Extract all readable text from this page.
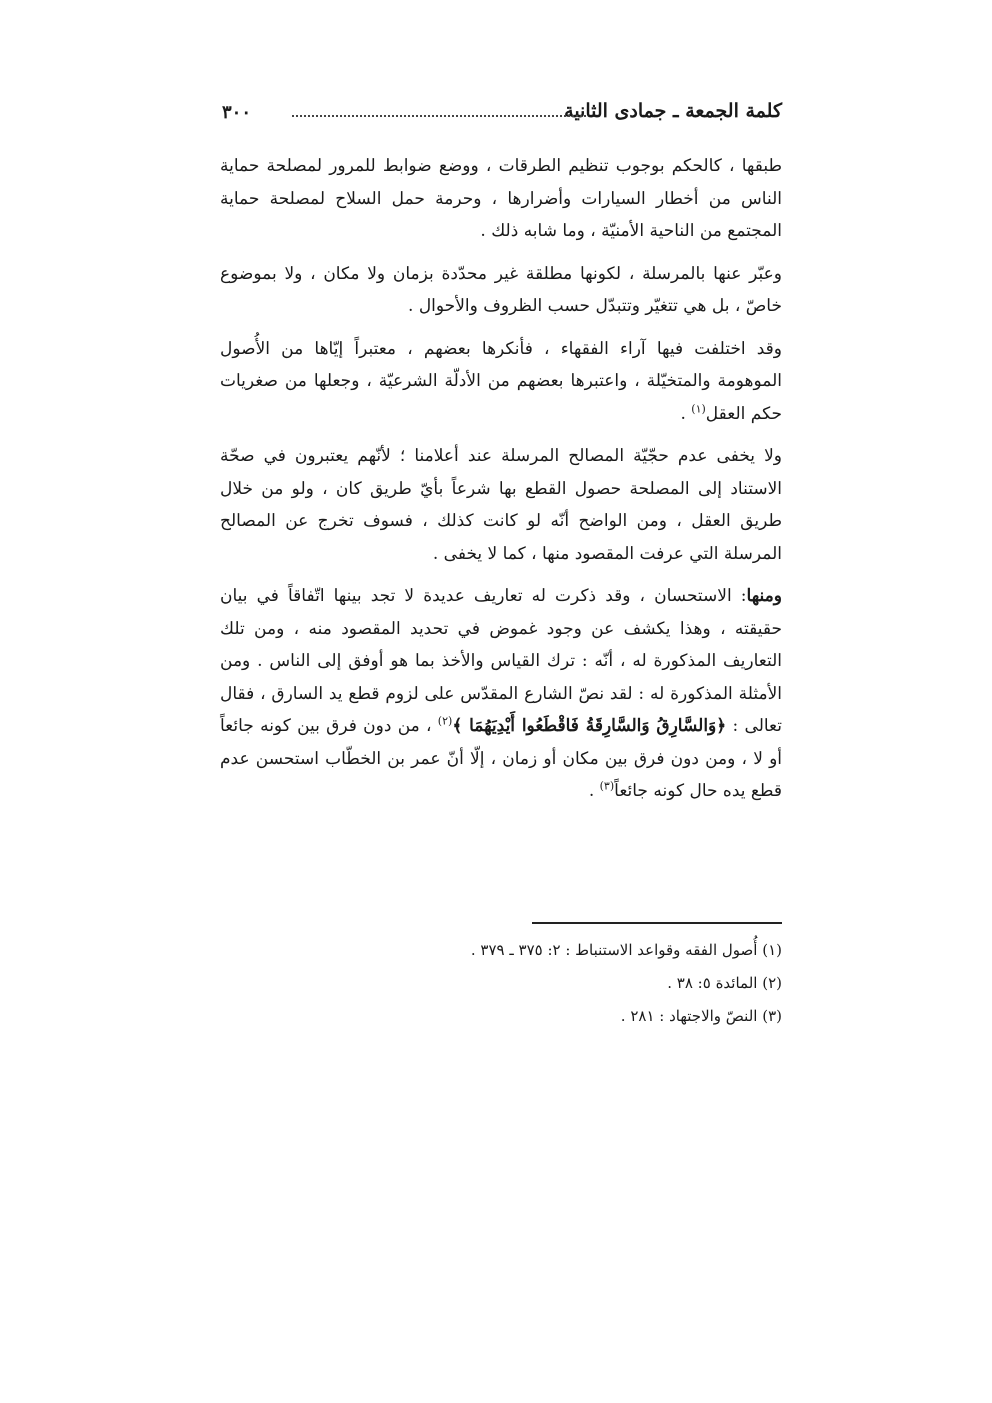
كلمة الجمعة ـ جمادى الثانية
٣٠٠

طبقها ، كالحكم بوجوب تنظيم الطرقات ، ووضع ضوابط للمرور لمصلحة حماية الناس من أخطار السيارات وأضرارها ، وحرمة حمل السلاح لمصلحة حماية المجتمع من الناحية الأمنيّة ، وما شابه ذلك .

وعبّر عنها بالمرسلة ، لكونها مطلقة غير محدّدة بزمان ولا مكان ، ولا بموضوع خاصّ ، بل هي تتغيّر وتتبدّل حسب الظروف والأحوال .

وقد اختلفت فيها آراء الفقهاء ، فأنكرها بعضهم ، معتبراً إيّاها من الأُصول الموهومة والمتخيّلة ، واعتبرها بعضهم من الأدلّة الشرعيّة ، وجعلها من صغريات حكم العقل$^{(١)}$ .

ولا يخفى عدم حجّيّة المصالح المرسلة عند أعلامنا ؛ لأنّهم يعتبرون في صحّة الاستناد إلى المصلحة حصول القطع بها شرعاً بأيّ طريق كان ، ولو من خلال طريق العقل ، ومن الواضح أنّه لو كانت كذلك ، فسوف تخرج عن المصالح المرسلة التي عرفت المقصود منها ، كما لا يخفى .

ومنها: الاستحسان ، وقد ذكرت له تعاريف عديدة لا تجد بينها اتّفاقاً في بيان حقيقته ، وهذا يكشف عن وجود غموض في تحديد المقصود منه ، ومن تلك التعاريف المذكورة له ، أنّه : ترك القياس والأخذ بما هو أوفق إلى الناس . ومن الأمثلة المذكورة له : لقد نصّ الشارع المقدّس على لزوم قطع يد السارق ، فقال تعالى : ﴿وَالسَّارِقُ وَالسَّارِقَةُ فَاقْطَعُوا أَيْدِيَهُمَا ﴾$^{(٢)}$ ، من دون فرق بين كونه جائعاً أو لا ، ومن دون فرق بين مكان أو زمان ، إلّا أنّ عمر بن الخطّاب استحسن عدم قطع يده حال كونه جائعاً$^{(٣)}$ .

(١) أُصول الفقه وقواعد الاستنباط : ٢: ٣٧٥ ـ ٣٧٩ .

(٢) المائدة ٥: ٣٨ .

(٣) النصّ والاجتهاد : ٢٨١ .
